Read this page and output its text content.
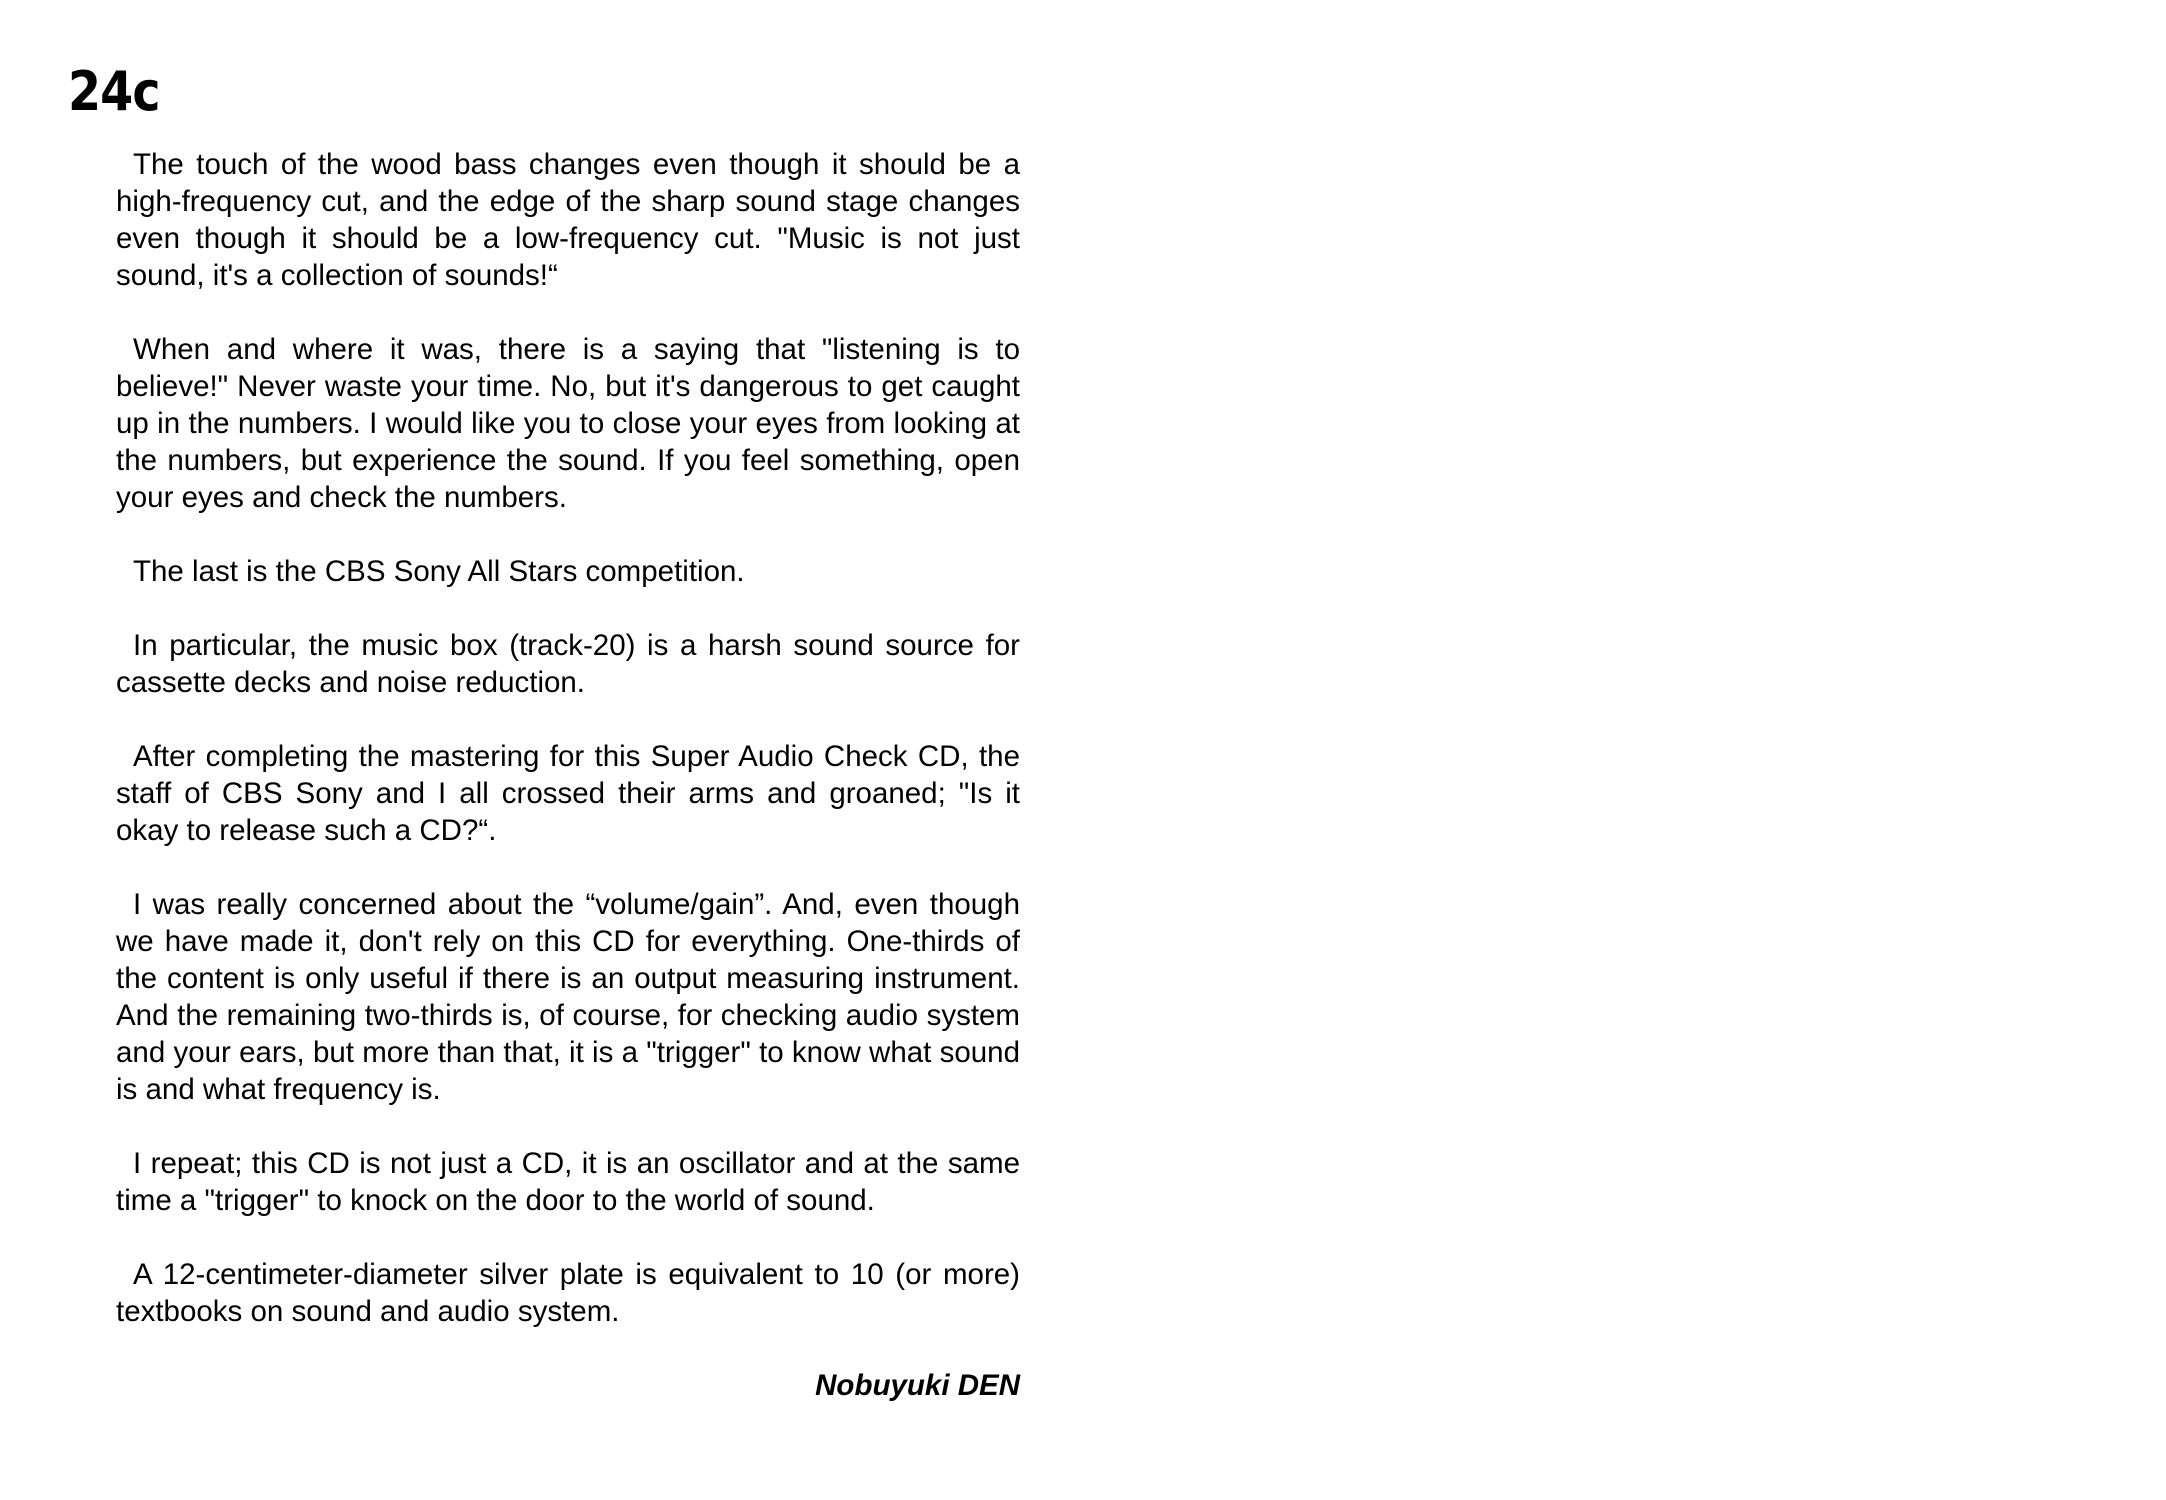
24c

The touch of the wood bass changes even though it should be a high-frequency cut, and the edge of the sharp sound stage changes even though it should be a low-frequency cut. "Music is not just sound, it's a collection of sounds!“

When and where it was, there is a saying that "listening is to believe!" Never waste your time. No, but it's dangerous to get caught up in the numbers. I would like you to close your eyes from looking at the numbers, but experience the sound. If you feel something, open your eyes and check the numbers.

The last is the CBS Sony All Stars competition.

In particular, the music box (track-20) is a harsh sound source for cassette decks and noise reduction.

After completing the mastering for this Super Audio Check CD, the staff of CBS Sony and I all crossed their arms and groaned; "Is it okay to release such a CD?“.

I was really concerned about the “volume/gain”. And, even though  we have made it, don't rely on this CD for everything. One-thirds of the content is only useful if there is an output measuring instrument.  And the remaining two-thirds is, of course, for checking audio system and your ears, but more than that, it is a "trigger" to know what sound is and what frequency is.

I repeat; this CD is not just a CD, it is an oscillator and at the same time a "trigger" to knock on the door to the world of sound.

A 12-centimeter-diameter silver plate is equivalent to 10 (or more) textbooks on sound and audio system.

Nobuyuki DEN
